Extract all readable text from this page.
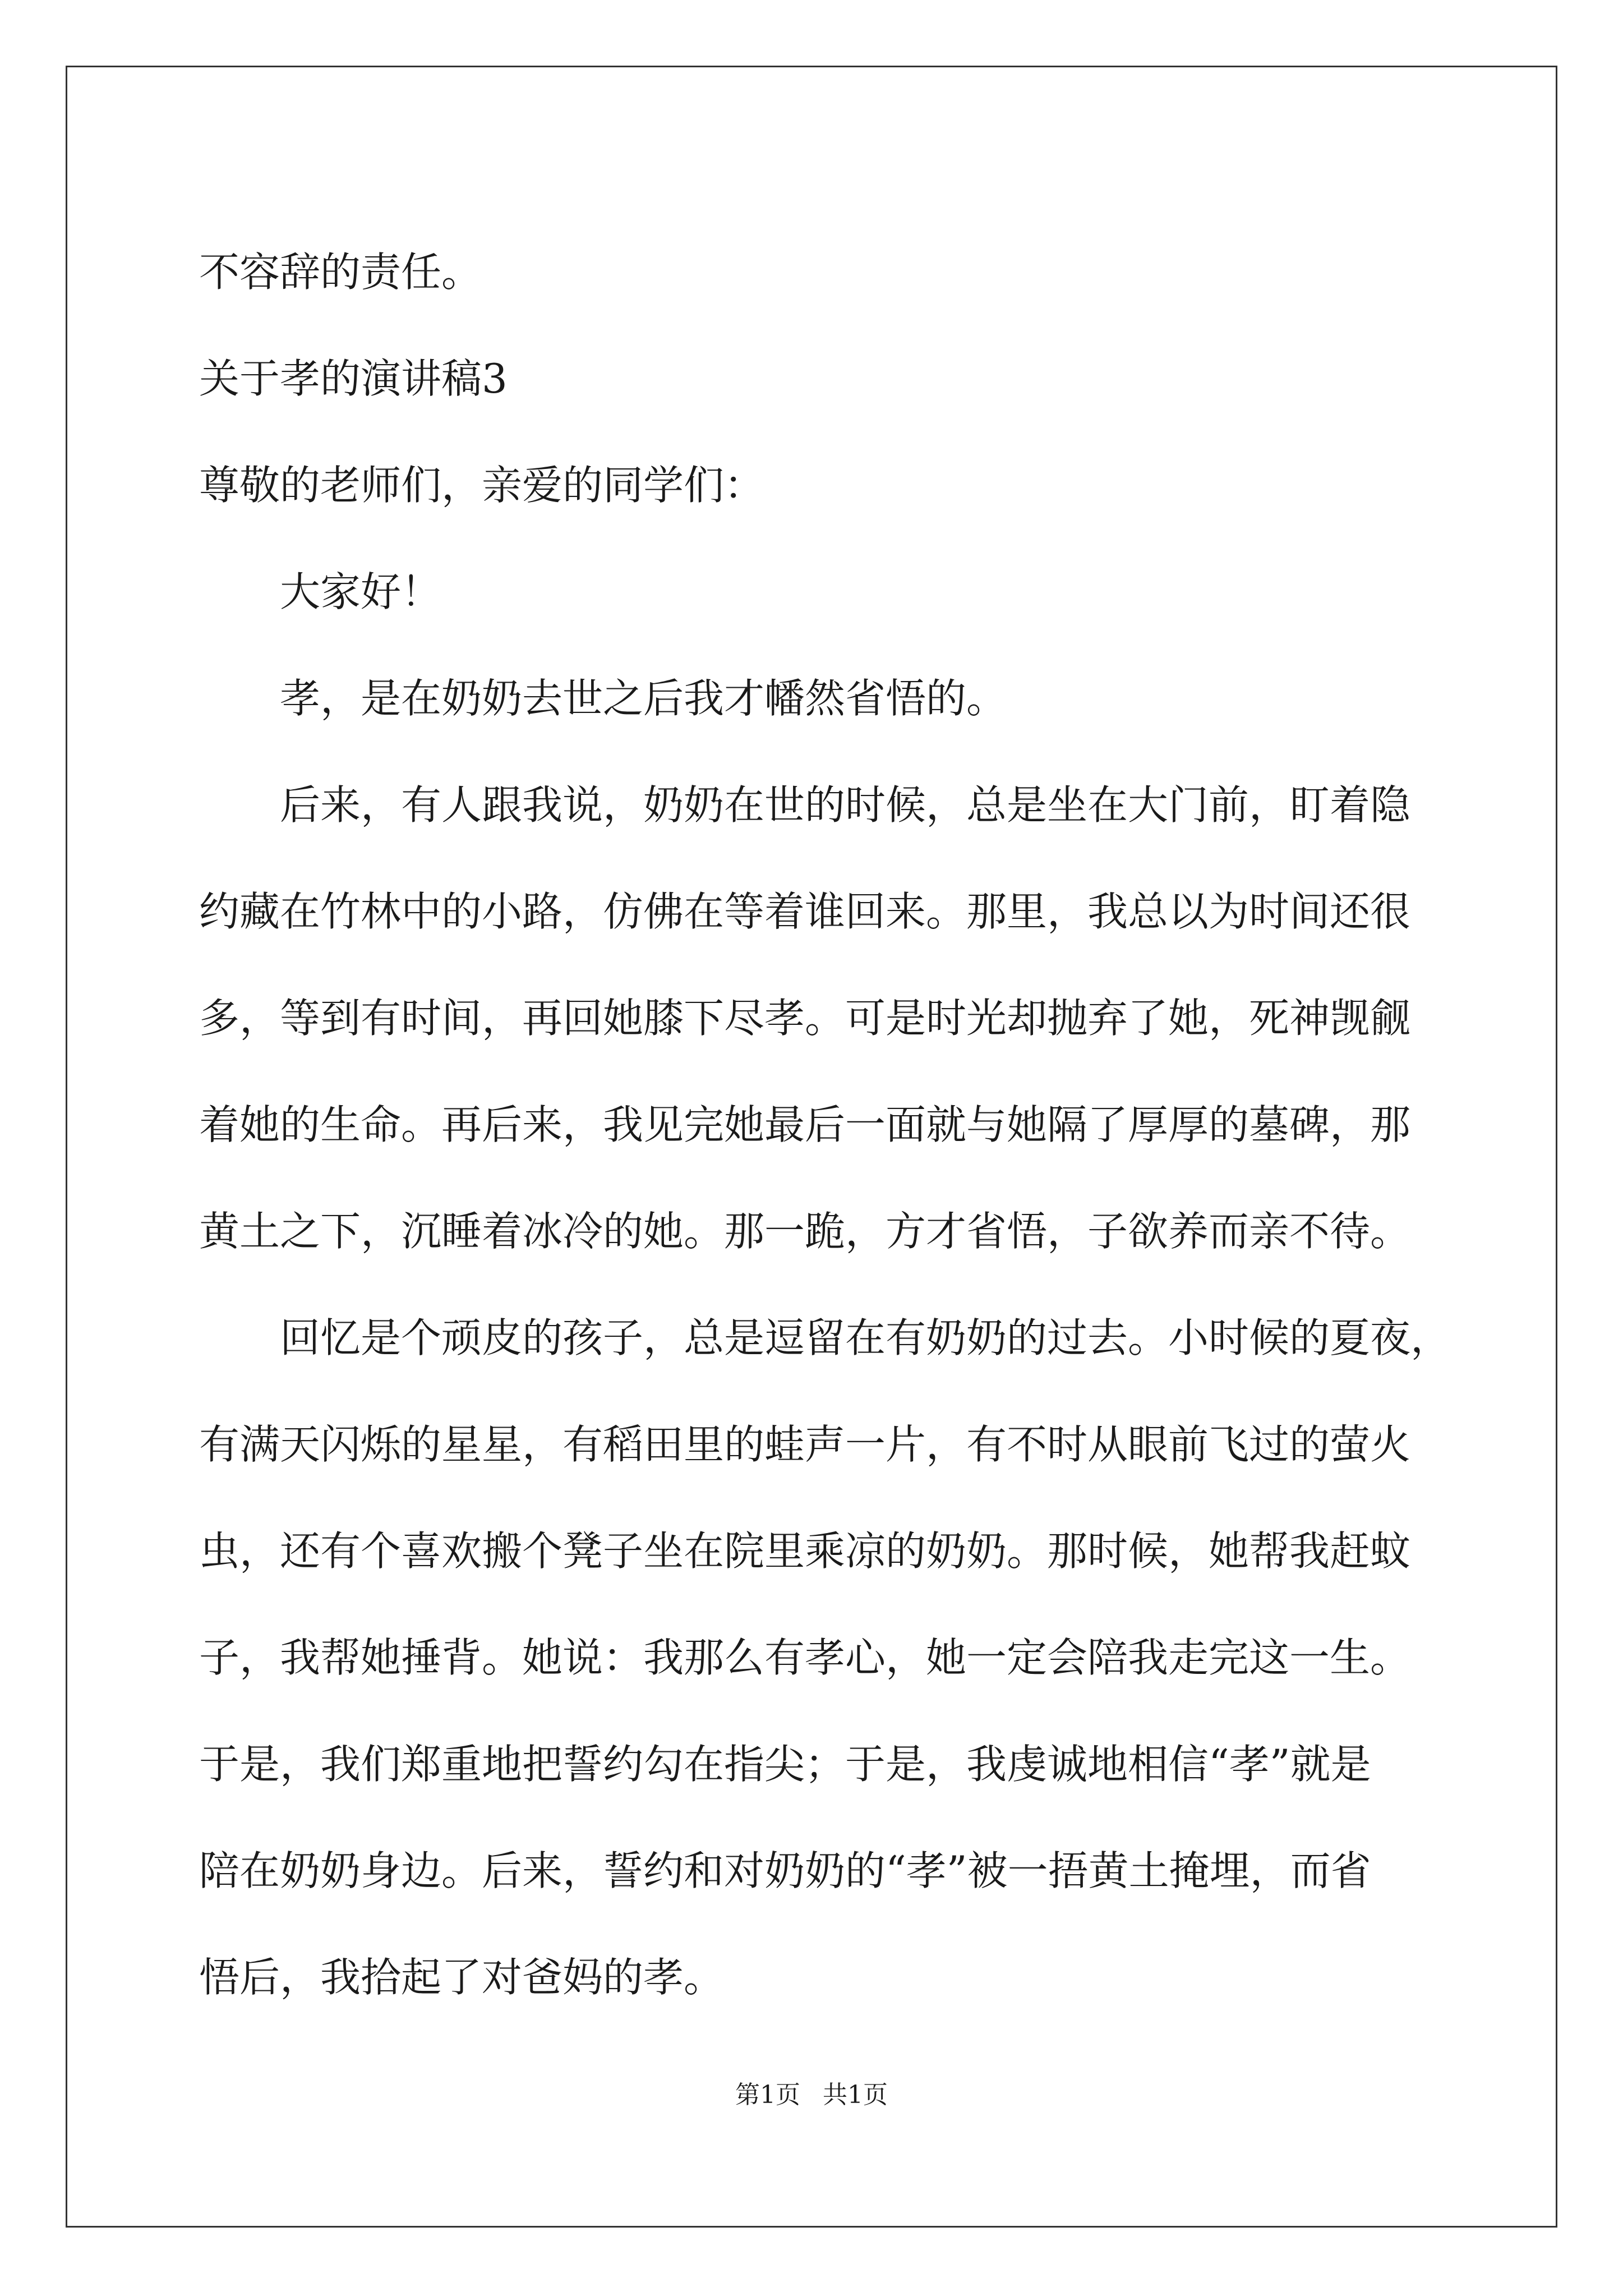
不容辞的责任。

关于孝的演讲稿3

尊敬的老师们，亲爱的同学们：

大家好！

孝，是在奶奶去世之后我才幡然省悟的。

后来，有人跟我说，奶奶在世的时候，总是坐在大门前，盯着隐

约藏在竹林中的小路，仿佛在等着谁回来。那里，我总以为时间还很

多，等到有时间，再回她膝下尽孝。可是时光却抛弃了她，死神觊觎

着她的生命。再后来，我见完她最后一面就与她隔了厚厚的墓碑，那

黄土之下，沉睡着冰冷的她。那一跪，方才省悟，子欲养而亲不待。

回忆是个顽皮的孩子，总是逗留在有奶奶的过去。小时候的夏夜，

有满天闪烁的星星，有稻田里的蛙声一片，有不时从眼前飞过的萤火

虫，还有个喜欢搬个凳子坐在院里乘凉的奶奶。那时候，她帮我赶蚊

子，我帮她捶背。她说：我那么有孝心，她一定会陪我走完这一生。

于是，我们郑重地把誓约勾在指尖；于是，我虔诚地相信“孝”就是

陪在奶奶身边。后来，誓约和对奶奶的“孝”被一捂黄土掩埋，而省

悟后，我拾起了对爸妈的孝。

第1页 共1页
